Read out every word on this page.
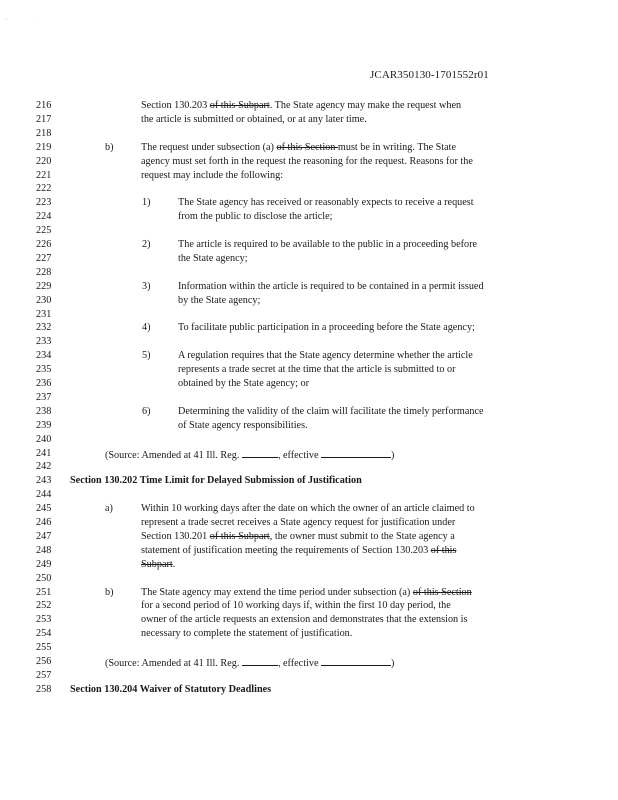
,	·
JCAR350130-1701552r01
216	Section 130.203 of this Subpart. The State agency may make the request when
217	the article is submitted or obtained, or at any later time.
218
219	b)	The request under subsection (a) of this Section must be in writing. The State
220	agency must set forth in the request the reasoning for the request. Reasons for the
221	request may include the following:
222
223	1)	The State agency has received or reasonably expects to receive a request
224	from the public to disclose the article;
225
226	2)	The article is required to be available to the public in a proceeding before
227	the State agency;
228
229	3)	Information within the article is required to be contained in a permit issued
230	by the State agency;
231
232	4)	To facilitate public participation in a proceeding before the State agency;
233
234	5)	A regulation requires that the State agency determine whether the article
235	represents a trade secret at the time that the article is submitted to or
236	obtained by the State agency; or
237
238	6)	Determining the validity of the claim will facilitate the timely performance
239	of State agency responsibilities.
240
241	(Source: Amended at 41 Ill. Reg.	, effective	)
242
243	Section 130.202 Time Limit for Delayed Submission of Justification
244
245	a)	Within 10 working days after the date on which the owner of an article claimed to
246	represent a trade secret receives a State agency request for justification under
247	Section 130.201 of this Subpart, the owner must submit to the State agency a
248	statement of justification meeting the requirements of Section 130.203 of this
249	Subpart.
250
251	b)	The State agency may extend the time period under subsection (a) of this Section
252	for a second period of 10 working days if, within the first 10 day period, the
253	owner of the article requests an extension and demonstrates that the extension is
254	necessary to complete the statement of justification.
255
256	(Source: Amended at 41 Ill. Reg.	, effective	)
257
258	Section 130.204 Waiver of Statutory Deadlines
